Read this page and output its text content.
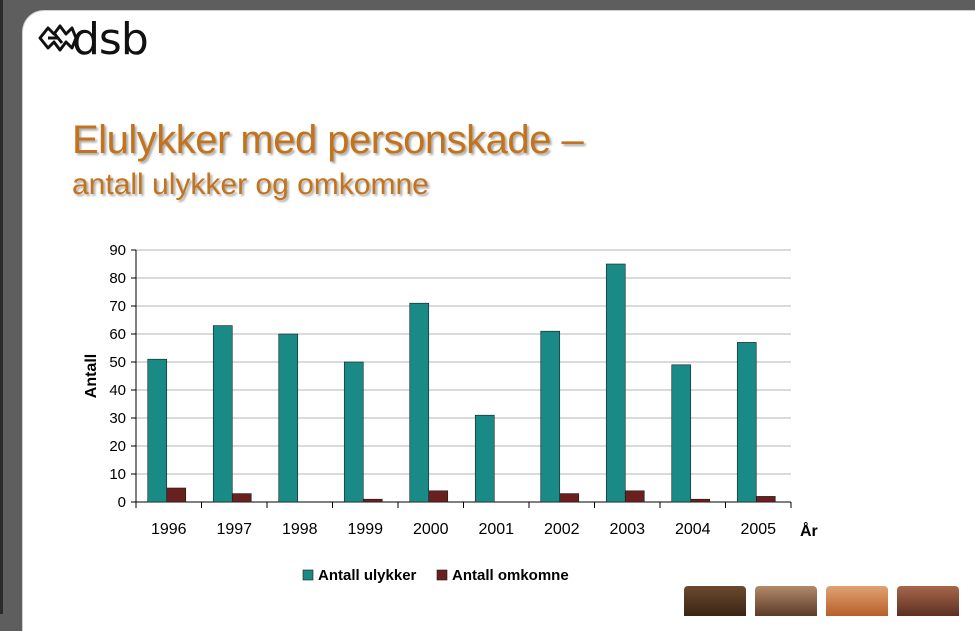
dsb
Elulykker med personskade –
antall ulykker og omkomne
0
10
20
30
40
50
60
70
80
90
1996 1997 1998 1999 2000 2001 2002 2003 2004 2005
Antall
År
Antall ulykker Antall omkomne
